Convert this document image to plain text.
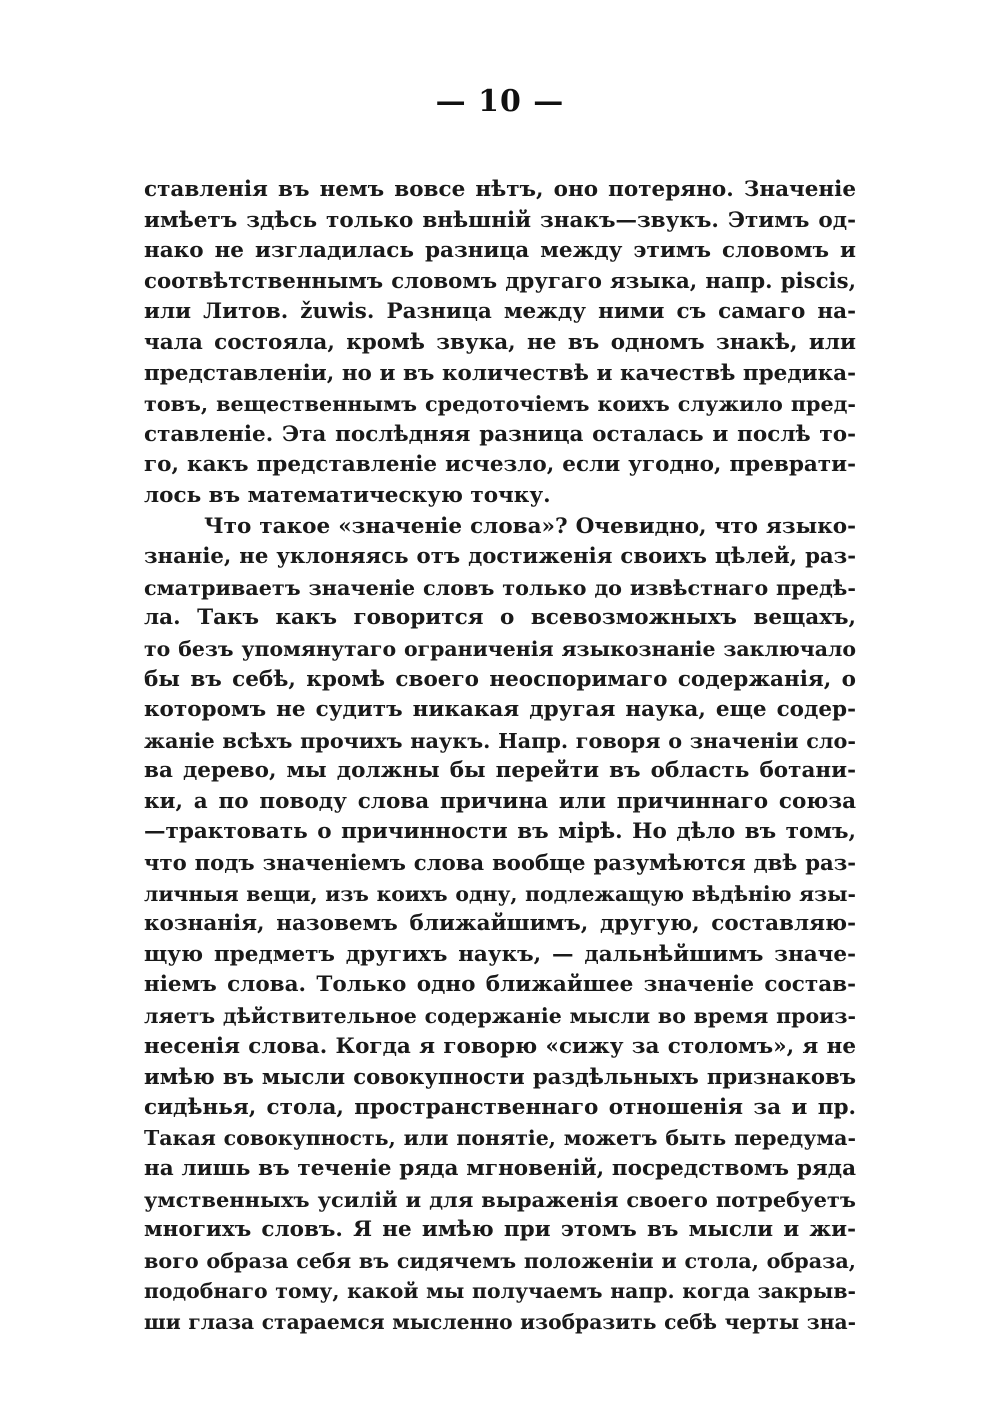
— 10 —
ставленія въ немъ вовсе нѣтъ, оно потеряно. Значеніе
имѣетъ здѣсь только внѣшній знакъ—звукъ. Этимъ од-
нако не изгладилась разница между этимъ словомъ и
соотвѣтственнымъ словомъ другаго языка, напр. piscis,
или Литов. žuwis. Разница между ними съ самаго на-
чала состояла, кромѣ звука, не въ одномъ знакѣ, или
представленіи, но и въ количествѣ и качествѣ предика-
товъ, вещественнымъ средоточіемъ коихъ служило пред-
ставленіе. Эта послѣдняя разница осталась и послѣ то-
го, какъ представленіе исчезло, если угодно, преврати-
лось въ математическую точку.
Что такое «значеніе слова»? Очевидно, что языко-
знаніе, не уклоняясь отъ достиженія своихъ цѣлей, раз-
сматриваетъ значеніе словъ только до извѣстнаго предѣ-
ла. Такъ какъ говорится о всевозможныхъ вещахъ,
то безъ упомянутаго ограниченія языкознаніе заключало
бы въ себѣ, кромѣ своего неоспоримаго содержанія, о
которомъ не судитъ никакая другая наука, еще содер-
жаніе всѣхъ прочихъ наукъ. Напр. говоря о значеніи сло-
ва дерево, мы должны бы перейти въ область ботани-
ки, а по поводу слова причина или причиннаго союза
—трактовать о причинности въ мірѣ. Но дѣло въ томъ,
что подъ значеніемъ слова вообще разумѣются двѣ раз-
личныя вещи, изъ коихъ одну, подлежащую вѣдѣнію язы-
кознанія, назовемъ ближайшимъ, другую, составляю-
щую предметъ другихъ наукъ, — дальнѣйшимъ значе-
ніемъ слова. Только одно ближайшее значеніе состав-
ляетъ дѣйствительное содержаніе мысли во время произ-
несенія слова. Когда я говорю «сижу за столомъ», я не
имѣю въ мысли совокупности раздѣльныхъ признаковъ
сидѣнья, стола, пространственнаго отношенія за и пр.
Такая совокупность, или понятіе, можетъ быть передума-
на лишь въ теченіе ряда мгновеній, посредствомъ ряда
умственныхъ усилій и для выраженія своего потребуетъ
многихъ словъ. Я не имѣю при этомъ въ мысли и жи-
вого образа себя въ сидячемъ положеніи и стола, образа,
подобнаго тому, какой мы получаемъ напр. когда закрыв-
ши глаза стараемся мысленно изобразить себѣ черты зна-
